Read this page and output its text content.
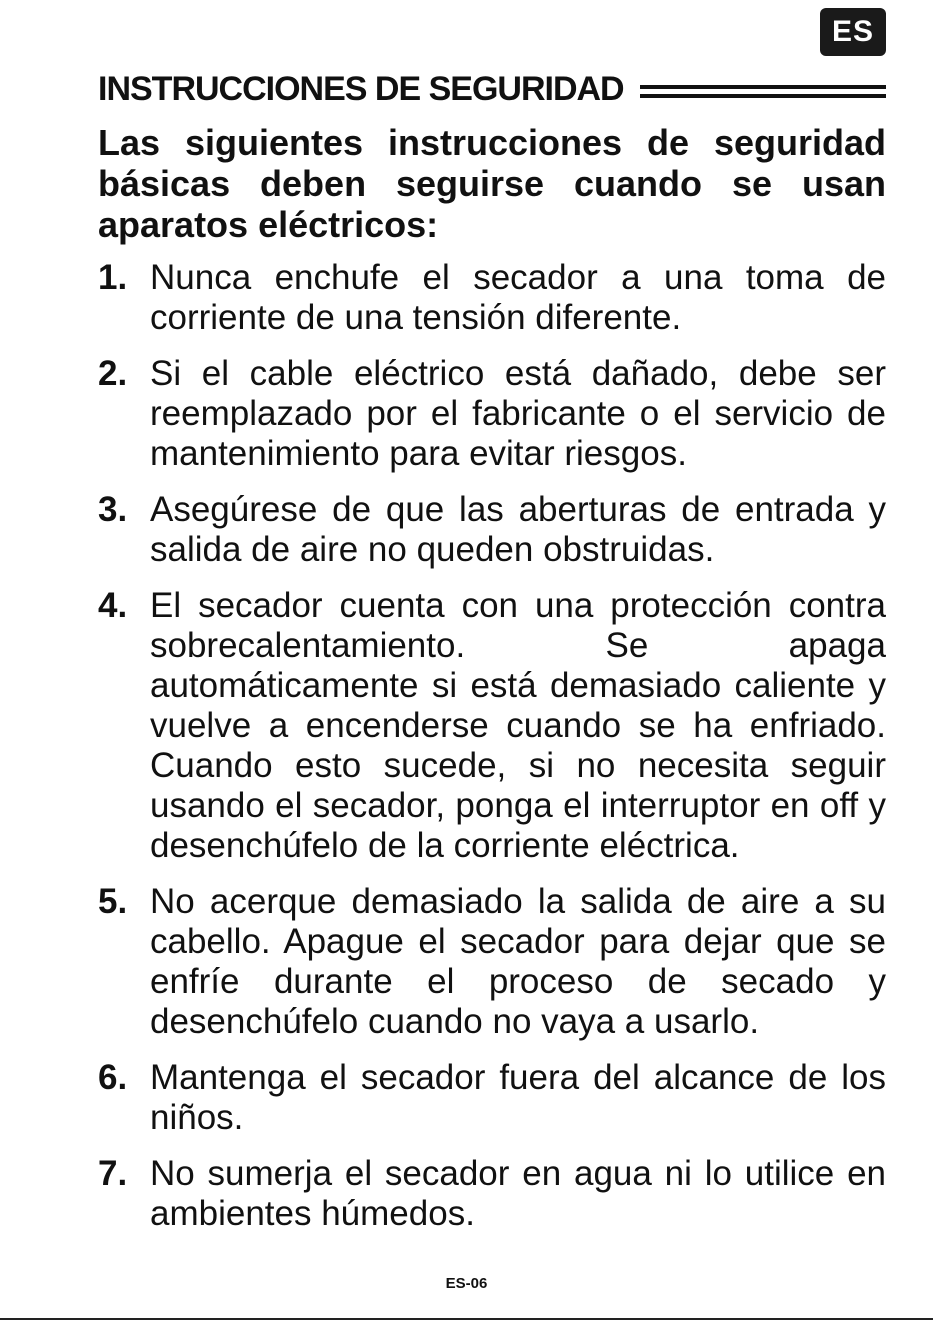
ES
INSTRUCCIONES DE SEGURIDAD
Las siguientes instrucciones de seguridad básicas deben seguirse cuando se usan aparatos eléctricos:
1. Nunca enchufe el secador a una toma de corriente de una tensión diferente.
2. Si el cable eléctrico está dañado, debe ser reemplazado por el fabricante o el servicio de mantenimiento para evitar riesgos.
3. Asegúrese de que las aberturas de entrada y salida de aire no queden obstruidas.
4. El secador cuenta con una protección contra sobrecalentamiento. Se apaga automáticamente si está demasiado caliente y vuelve a encenderse cuando se ha enfriado. Cuando esto sucede, si no necesita seguir usando el secador, ponga el interruptor en off y desenchúfelo de la corriente eléctrica.
5. No acerque demasiado la salida de aire a su cabello. Apague el secador para dejar que se enfríe durante el proceso de secado y desenchúfelo cuando no vaya a usarlo.
6. Mantenga el secador fuera del alcance de los niños.
7. No sumerja el secador en agua ni lo utilice en ambientes húmedos.
ES-06
